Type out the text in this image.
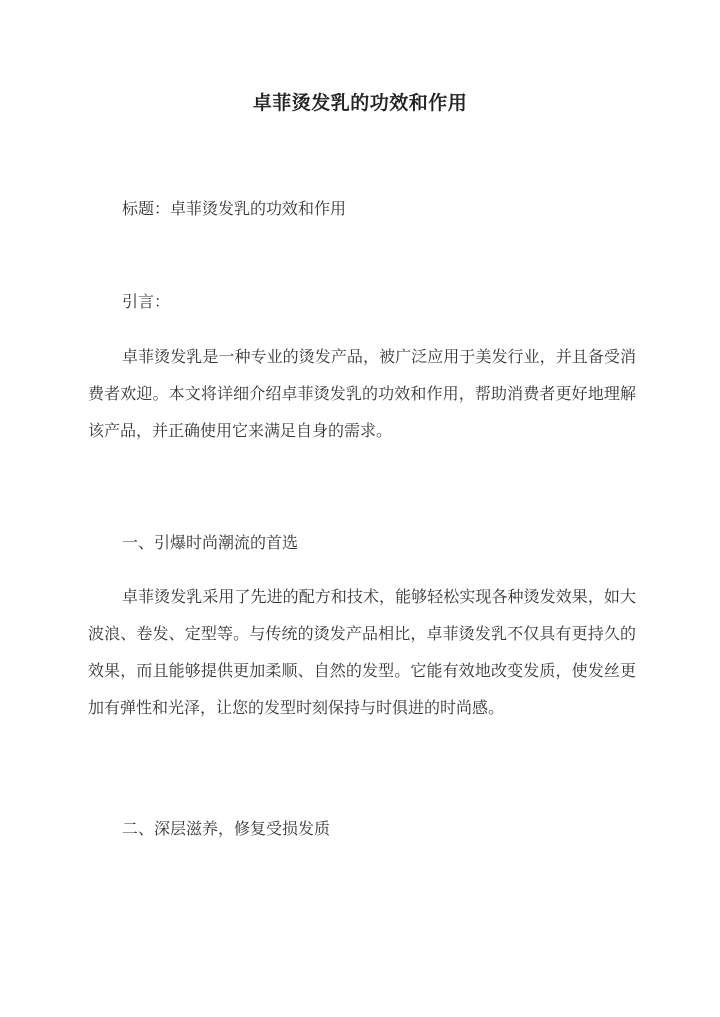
卓菲烫发乳的功效和作用
标题：卓菲烫发乳的功效和作用
引言：
卓菲烫发乳是一种专业的烫发产品，被广泛应用于美发行业，并且备受消费者欢迎。本文将详细介绍卓菲烫发乳的功效和作用，帮助消费者更好地理解该产品，并正确使用它来满足自身的需求。
一、引爆时尚潮流的首选
卓菲烫发乳采用了先进的配方和技术，能够轻松实现各种烫发效果，如大波浪、卷发、定型等。与传统的烫发产品相比，卓菲烫发乳不仅具有更持久的效果，而且能够提供更加柔顺、自然的发型。它能有效地改变发质，使发丝更加有弹性和光泽，让您的发型时刻保持与时俱进的时尚感。
二、深层滋养，修复受损发质
